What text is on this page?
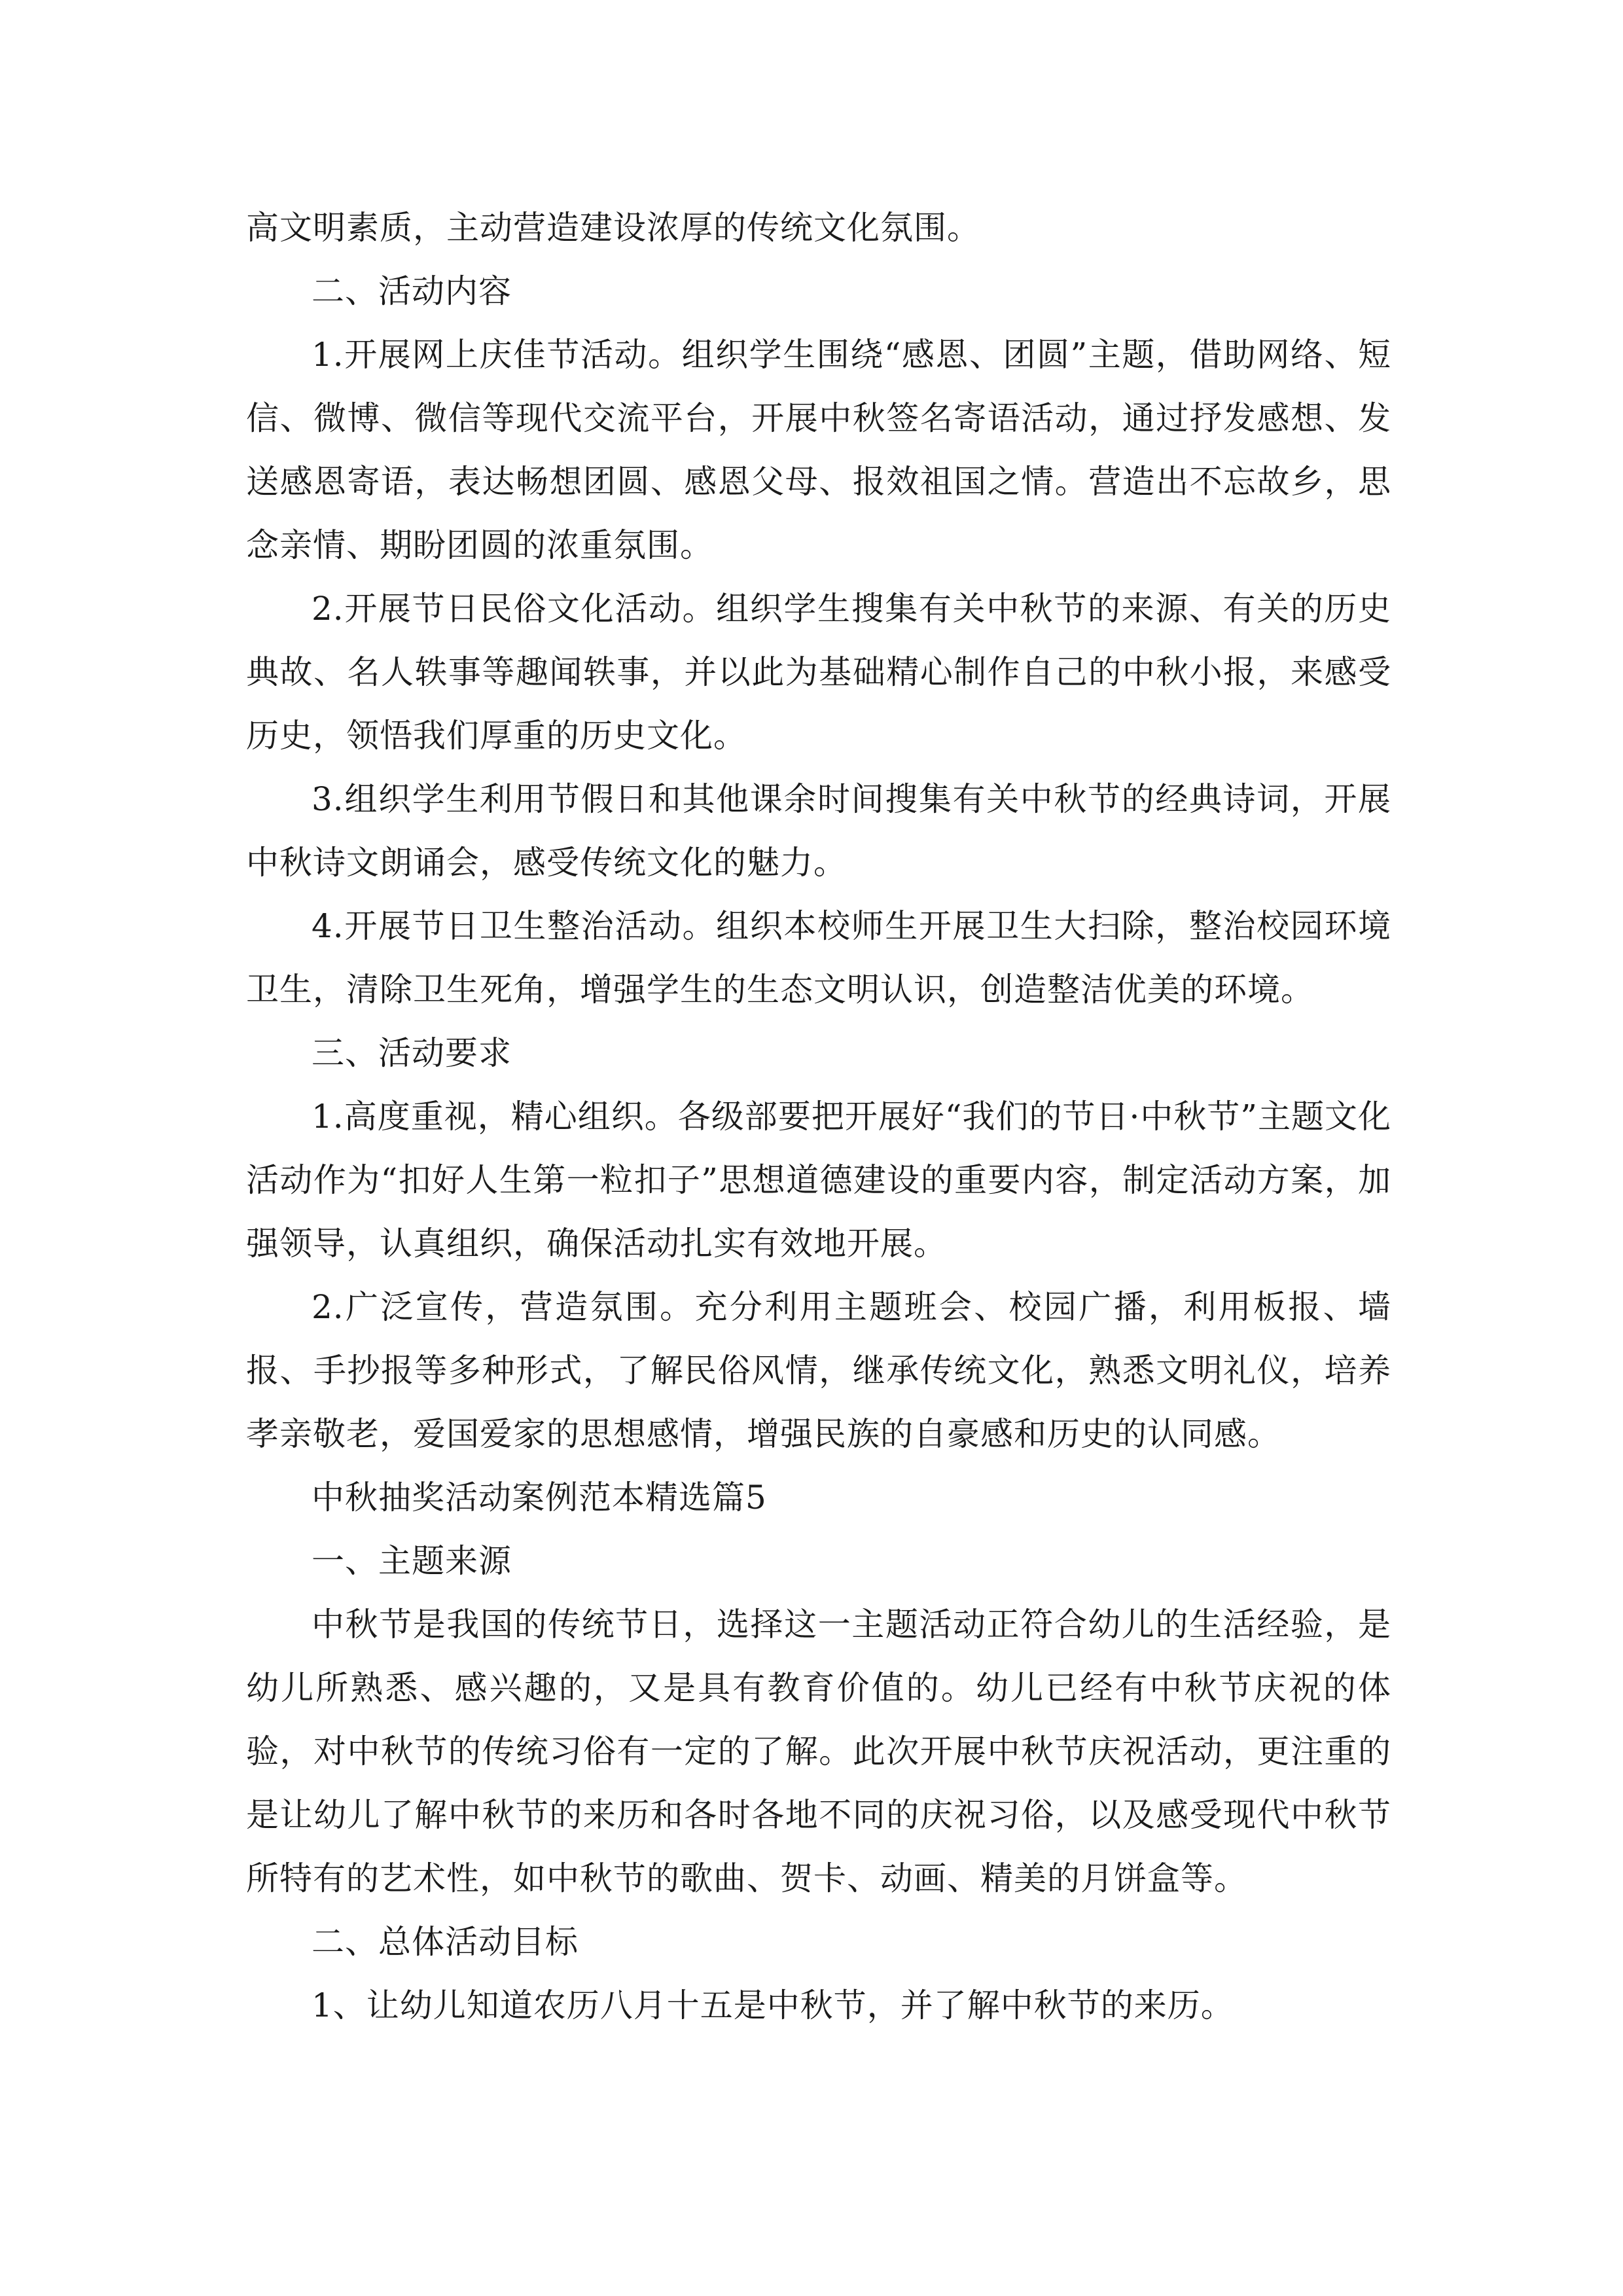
高文明素质，主动营造建设浓厚的传统文化氛围。

二、活动内容

1.开展网上庆佳节活动。组织学生围绕“感恩、团圆”主题，借助网络、短信、微博、微信等现代交流平台，开展中秋签名寄语活动，通过抒发感想、发送感恩寄语，表达畅想团圆、感恩父母、报效祖国之情。营造出不忘故乡，思念亲情、期盼团圆的浓重氛围。

2.开展节日民俗文化活动。组织学生搜集有关中秋节的来源、有关的历史典故、名人轶事等趣闻轶事，并以此为基础精心制作自己的中秋小报，来感受历史，领悟我们厚重的历史文化。

3.组织学生利用节假日和其他课余时间搜集有关中秋节的经典诗词，开展中秋诗文朗诵会，感受传统文化的魅力。

4.开展节日卫生整治活动。组织本校师生开展卫生大扫除，整治校园环境卫生，清除卫生死角，增强学生的生态文明认识，创造整洁优美的环境。

三、活动要求

1.高度重视，精心组织。各级部要把开展好“我们的节日·中秋节”主题文化活动作为“扣好人生第一粒扣子”思想道德建设的重要内容，制定活动方案，加强领导，认真组织，确保活动扎实有效地开展。

2.广泛宣传，营造氛围。充分利用主题班会、校园广播，利用板报、墙报、手抄报等多种形式，了解民俗风情，继承传统文化，熟悉文明礼仪，培养孝亲敬老，爱国爱家的思想感情，增强民族的自豪感和历史的认同感。

中秋抽奖活动案例范本精选篇5

一、主题来源

中秋节是我国的传统节日，选择这一主题活动正符合幼儿的生活经验，是幼儿所熟悉、感兴趣的，又是具有教育价值的。幼儿已经有中秋节庆祝的体验，对中秋节的传统习俗有一定的了解。此次开展中秋节庆祝活动，更注重的是让幼儿了解中秋节的来历和各时各地不同的庆祝习俗，以及感受现代中秋节所特有的艺术性，如中秋节的歌曲、贺卡、动画、精美的月饼盒等。

二、总体活动目标

1、让幼儿知道农历八月十五是中秋节，并了解中秋节的来历。
